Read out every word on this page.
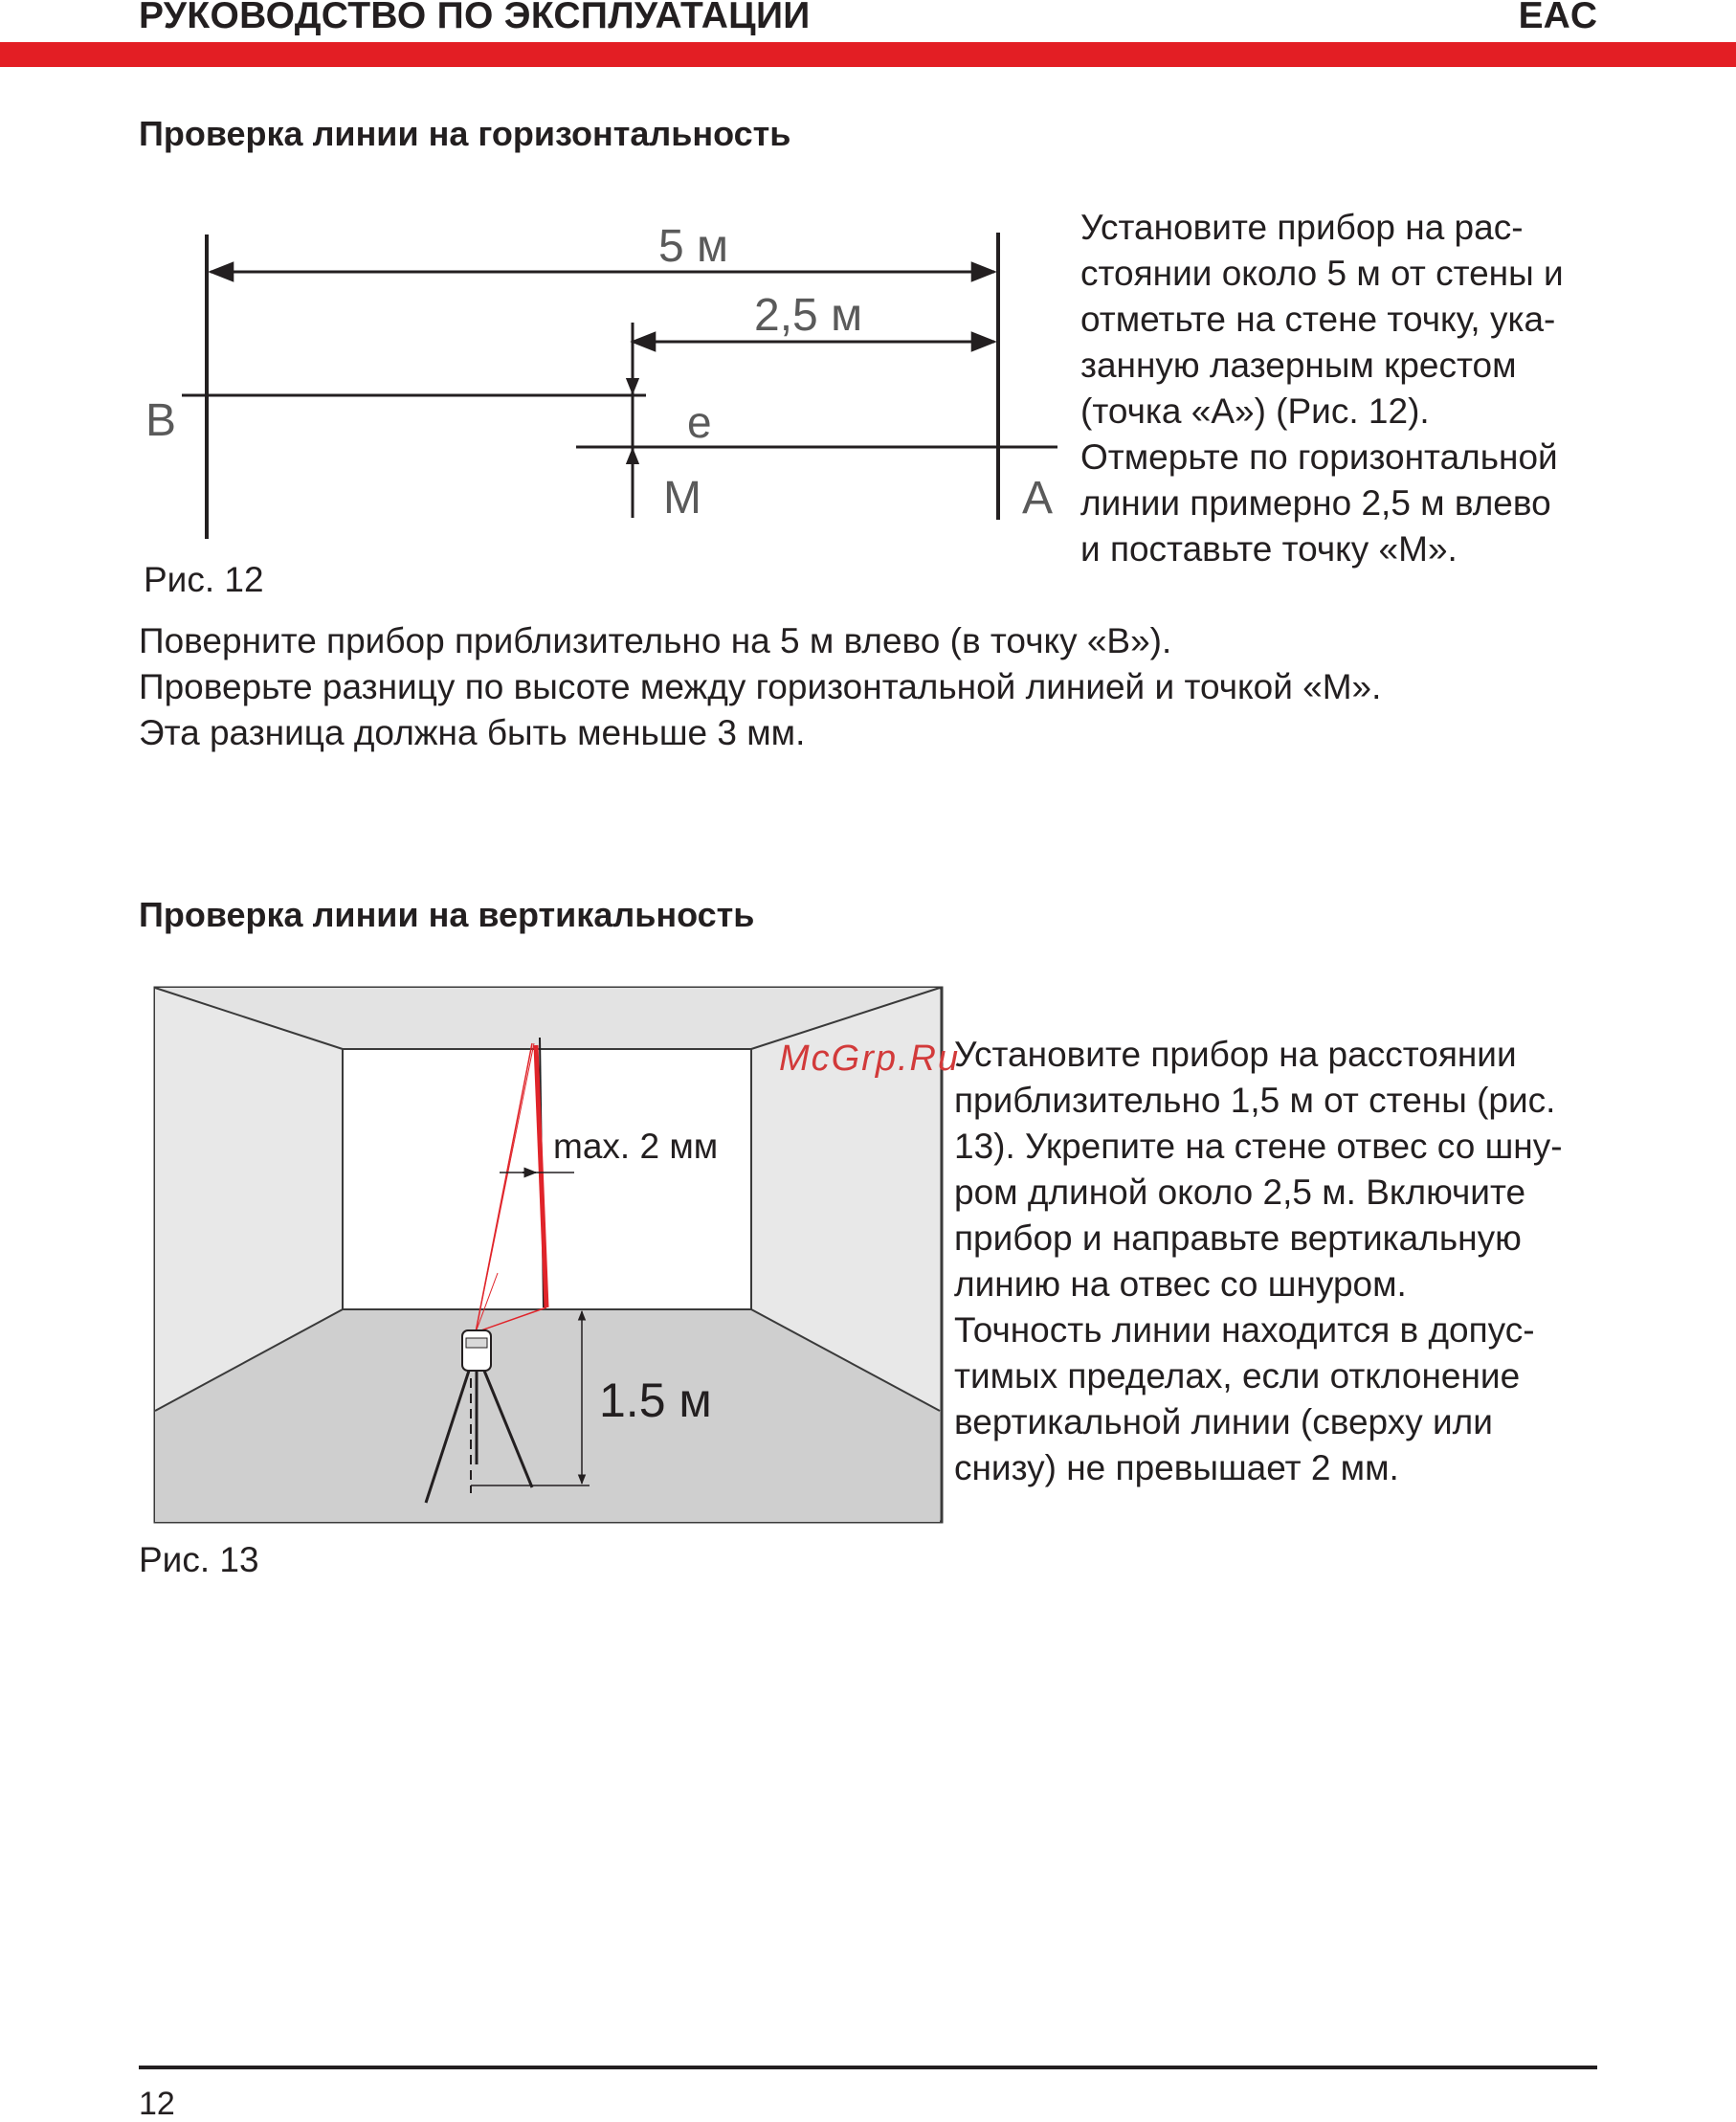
РУКОВОДСТВО ПО ЭКСПЛУАТАЦИИ	EAC
Проверка линии на горизонтальность
5 м
2,5 м
B	e
M	A
Рис. 12
Установите прибор на рас-
стоянии около 5 м от стены и
отметьте на стене точку, ука-
занную лазерным крестом
(точка «А») (Рис. 12).
Отмерьте по горизонтальной
линии примерно 2,5 м влево
и поставьте точку «М».
Поверните прибор приблизительно на 5 м влево (в точку «В»).
Проверьте разницу по высоте между горизонтальной линией и точкой «М».
Эта разница должна быть меньше 3 мм.
Проверка линии на вертикальность
max. 2 мм
1.5 м
Рис. 13
McGrp.Ru
Установите прибор на расстоянии
приблизительно 1,5 м от стены (рис.
13). Укрепите на стене отвес со шну-
ром длиной около 2,5 м. Включите
прибор и направьте вертикальную
линию на отвес со шнуром.
Точность линии находится в допус-
тимых пределах, если отклонение
вертикальной линии (сверху или
снизу) не превышает 2 мм.
12
